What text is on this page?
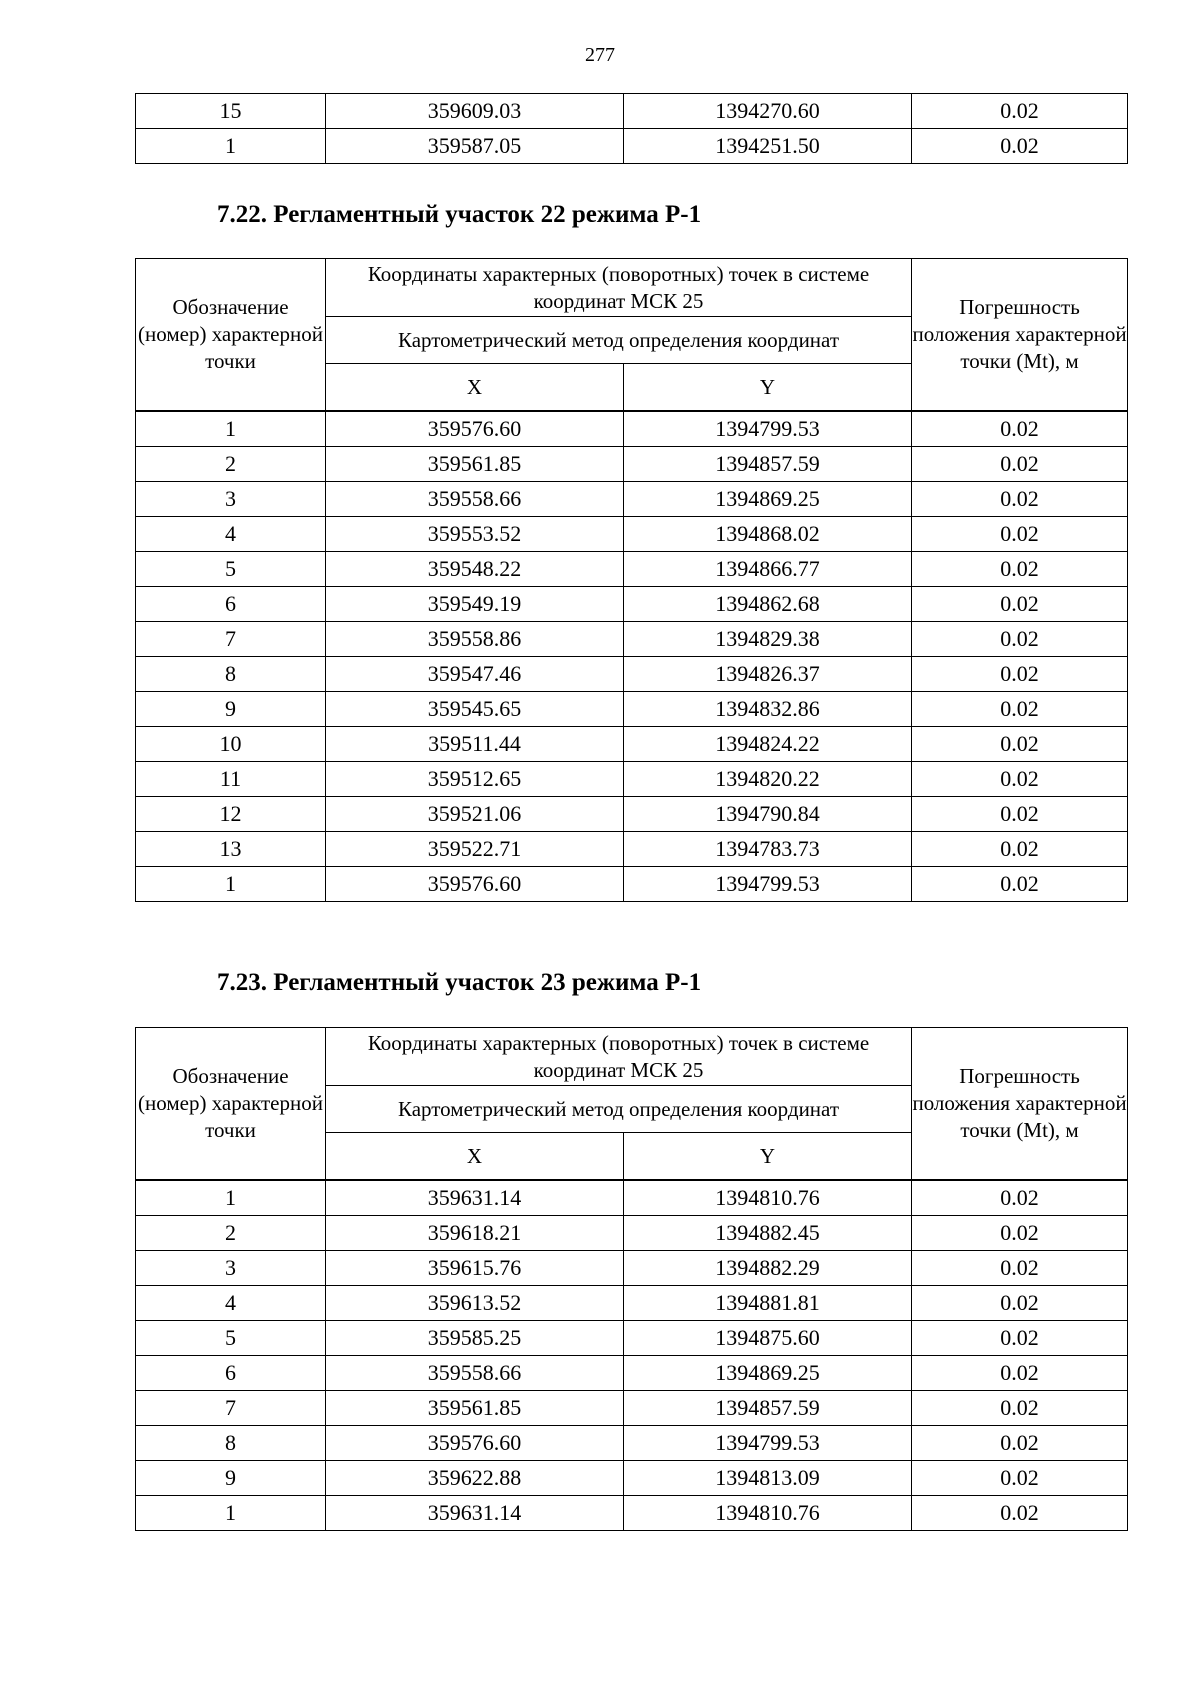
277
15	359609.03	1394270.60	0.02
1	359587.05	1394251.50	0.02
7.22. Регламентный участок 22 режима Р-1
Обозначение (номер) характерной точки	Координаты характерных (поворотных) точек в системе координат МСК 25		Погрешность положения характерной точки (Mt), м
	Картометрический метод определения координат		
	X	Y	
1	359576.60	1394799.53	0.02
2	359561.85	1394857.59	0.02
3	359558.66	1394869.25	0.02
4	359553.52	1394868.02	0.02
5	359548.22	1394866.77	0.02
6	359549.19	1394862.68	0.02
7	359558.86	1394829.38	0.02
8	359547.46	1394826.37	0.02
9	359545.65	1394832.86	0.02
10	359511.44	1394824.22	0.02
11	359512.65	1394820.22	0.02
12	359521.06	1394790.84	0.02
13	359522.71	1394783.73	0.02
1	359576.60	1394799.53	0.02
7.23. Регламентный участок 23 режима Р-1
Обозначение (номер) характерной точки	Координаты характерных (поворотных) точек в системе координат МСК 25		Погрешность положения характерной точки (Mt), м
	Картометрический метод определения координат		
	X	Y	
1	359631.14	1394810.76	0.02
2	359618.21	1394882.45	0.02
3	359615.76	1394882.29	0.02
4	359613.52	1394881.81	0.02
5	359585.25	1394875.60	0.02
6	359558.66	1394869.25	0.02
7	359561.85	1394857.59	0.02
8	359576.60	1394799.53	0.02
9	359622.88	1394813.09	0.02
1	359631.14	1394810.76	0.02
